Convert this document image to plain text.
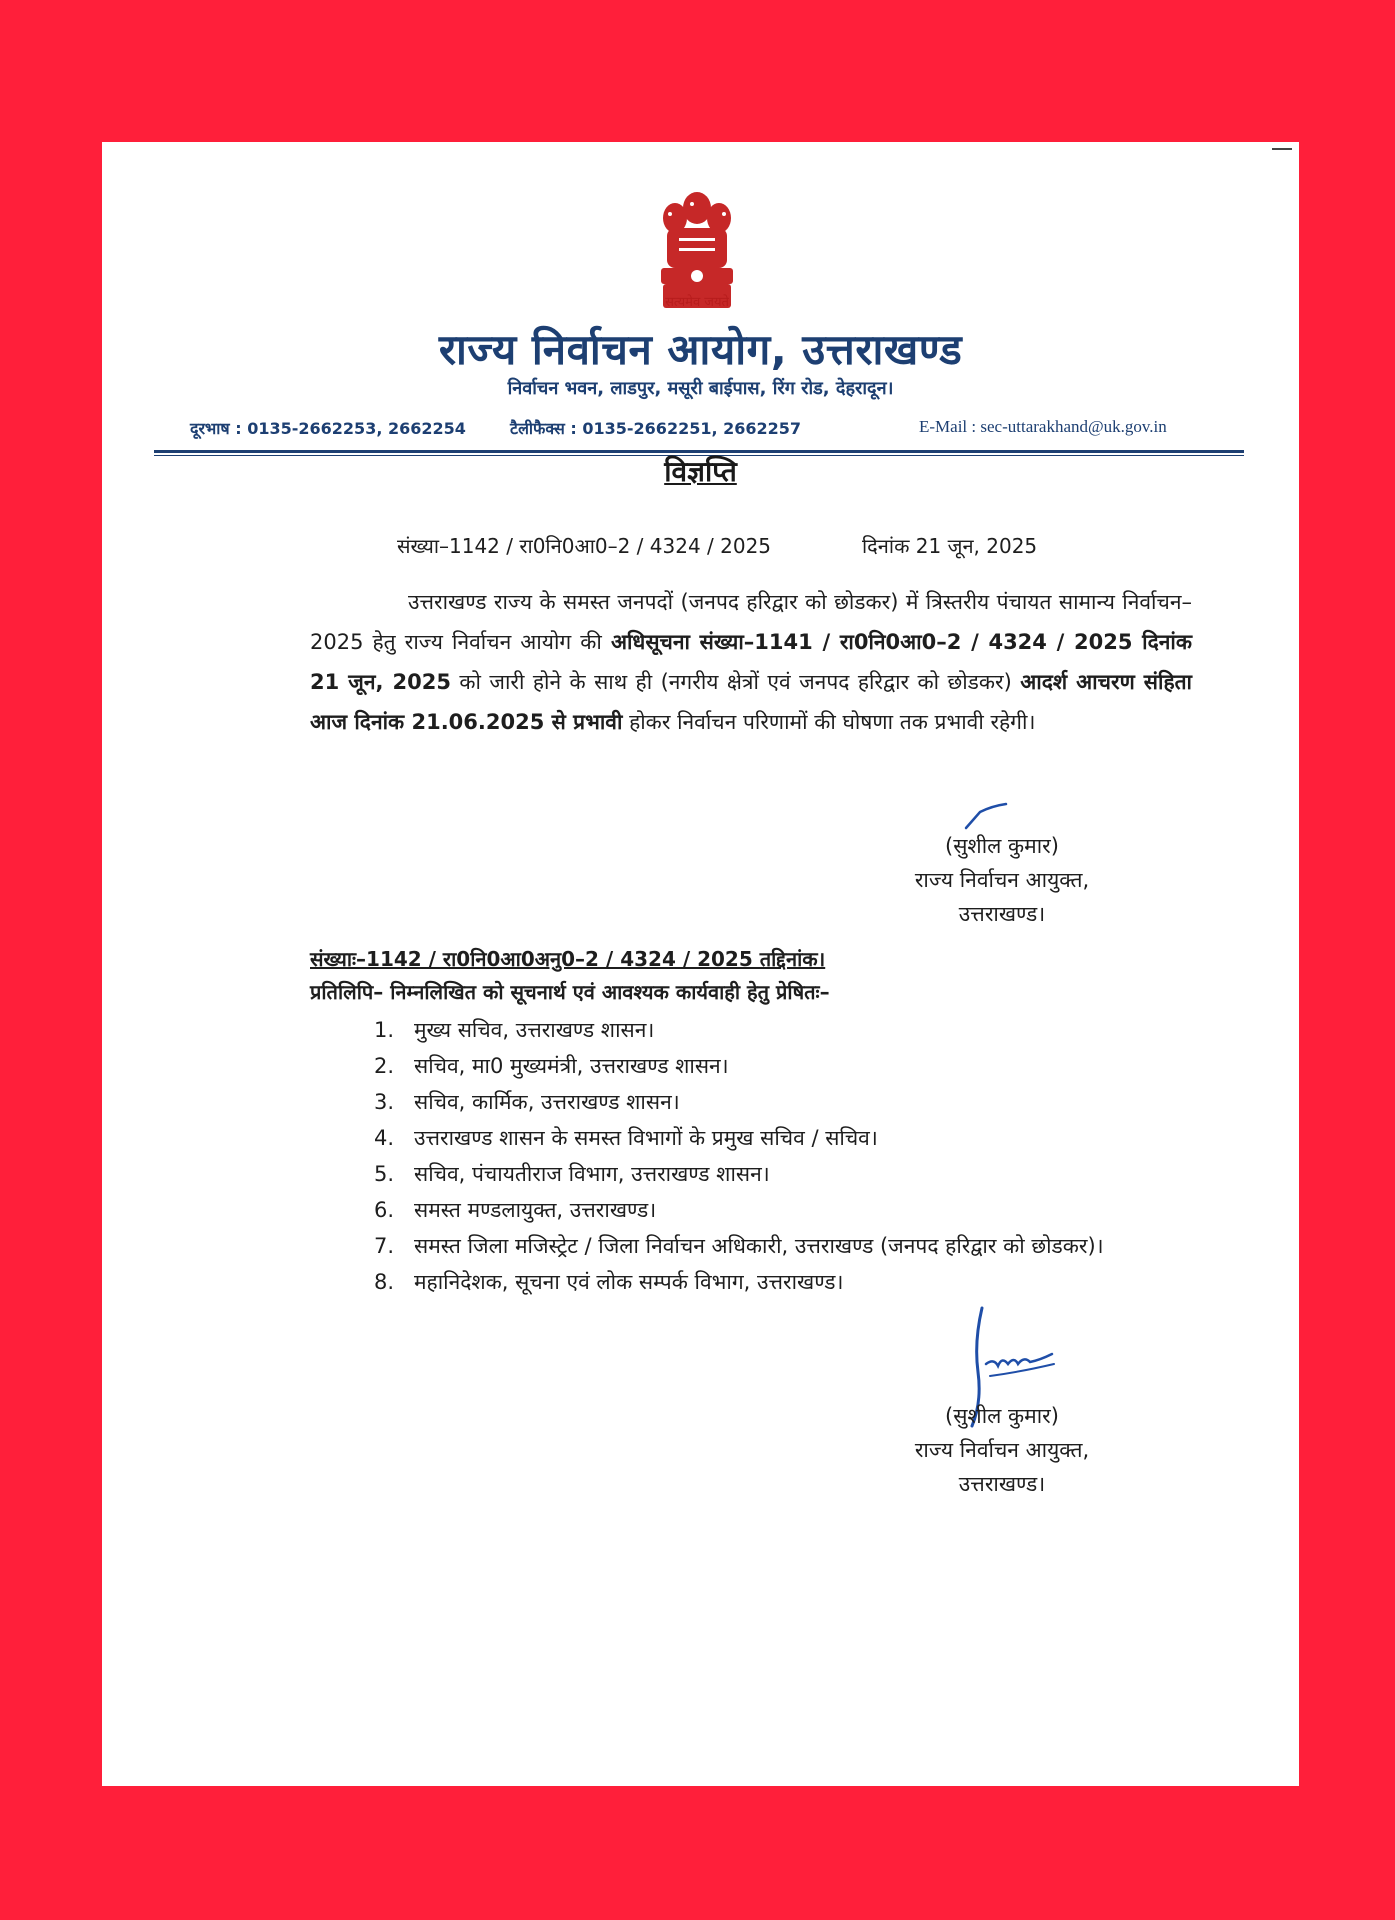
सत्यमेव जयते
राज्य निर्वाचन आयोग, उत्तराखण्ड
निर्वाचन भवन, लाडपुर, मसूरी बाईपास, रिंग रोड, देहरादून।
दूरभाष : 0135-2662253, 2662254	टैलीफैक्स : 0135-2662251, 2662257	E-Mail : sec-uttarakhand@uk.gov.in
विज्ञप्ति
संख्या–1142 / रा0नि0आ0–2 / 4324 / 2025	दिनांक 21 जून, 2025
उत्तराखण्ड राज्य के समस्त जनपदों (जनपद हरिद्वार को छोडकर) में त्रिस्तरीय पंचायत सामान्य निर्वाचन–2025 हेतु राज्य निर्वाचन आयोग की अधिसूचना संख्या–1141 / रा0नि0आ0–2 / 4324 / 2025 दिनांक 21 जून, 2025 को जारी होने के साथ ही (नगरीय क्षेत्रों एवं जनपद हरिद्वार को छोडकर) आदर्श आचरण संहिता आज दिनांक 21.06.2025 से प्रभावी होकर निर्वाचन परिणामों की घोषणा तक प्रभावी रहेगी।
(सुशील कुमार)
राज्य निर्वाचन आयुक्त,
उत्तराखण्ड।
संख्याः–1142 / रा0नि0आ0अनु0–2 / 4324 / 2025 तद्दिनांक।
प्रतिलिपि– निम्नलिखित को सूचनार्थ एवं आवश्यक कार्यवाही हेतु प्रेषितः–
1. मुख्य सचिव, उत्तराखण्ड शासन।
2. सचिव, मा0 मुख्यमंत्री, उत्तराखण्ड शासन।
3. सचिव, कार्मिक, उत्तराखण्ड शासन।
4. उत्तराखण्ड शासन के समस्त विभागों के प्रमुख सचिव / सचिव।
5. सचिव, पंचायतीराज विभाग, उत्तराखण्ड शासन।
6. समस्त मण्डलायुक्त, उत्तराखण्ड।
7. समस्त जिला मजिस्ट्रेट / जिला निर्वाचन अधिकारी, उत्तराखण्ड (जनपद हरिद्वार को छोडकर)।
8. महानिदेशक, सूचना एवं लोक सम्पर्क विभाग, उत्तराखण्ड।
(सुशील कुमार)
राज्य निर्वाचन आयुक्त,
उत्तराखण्ड।
